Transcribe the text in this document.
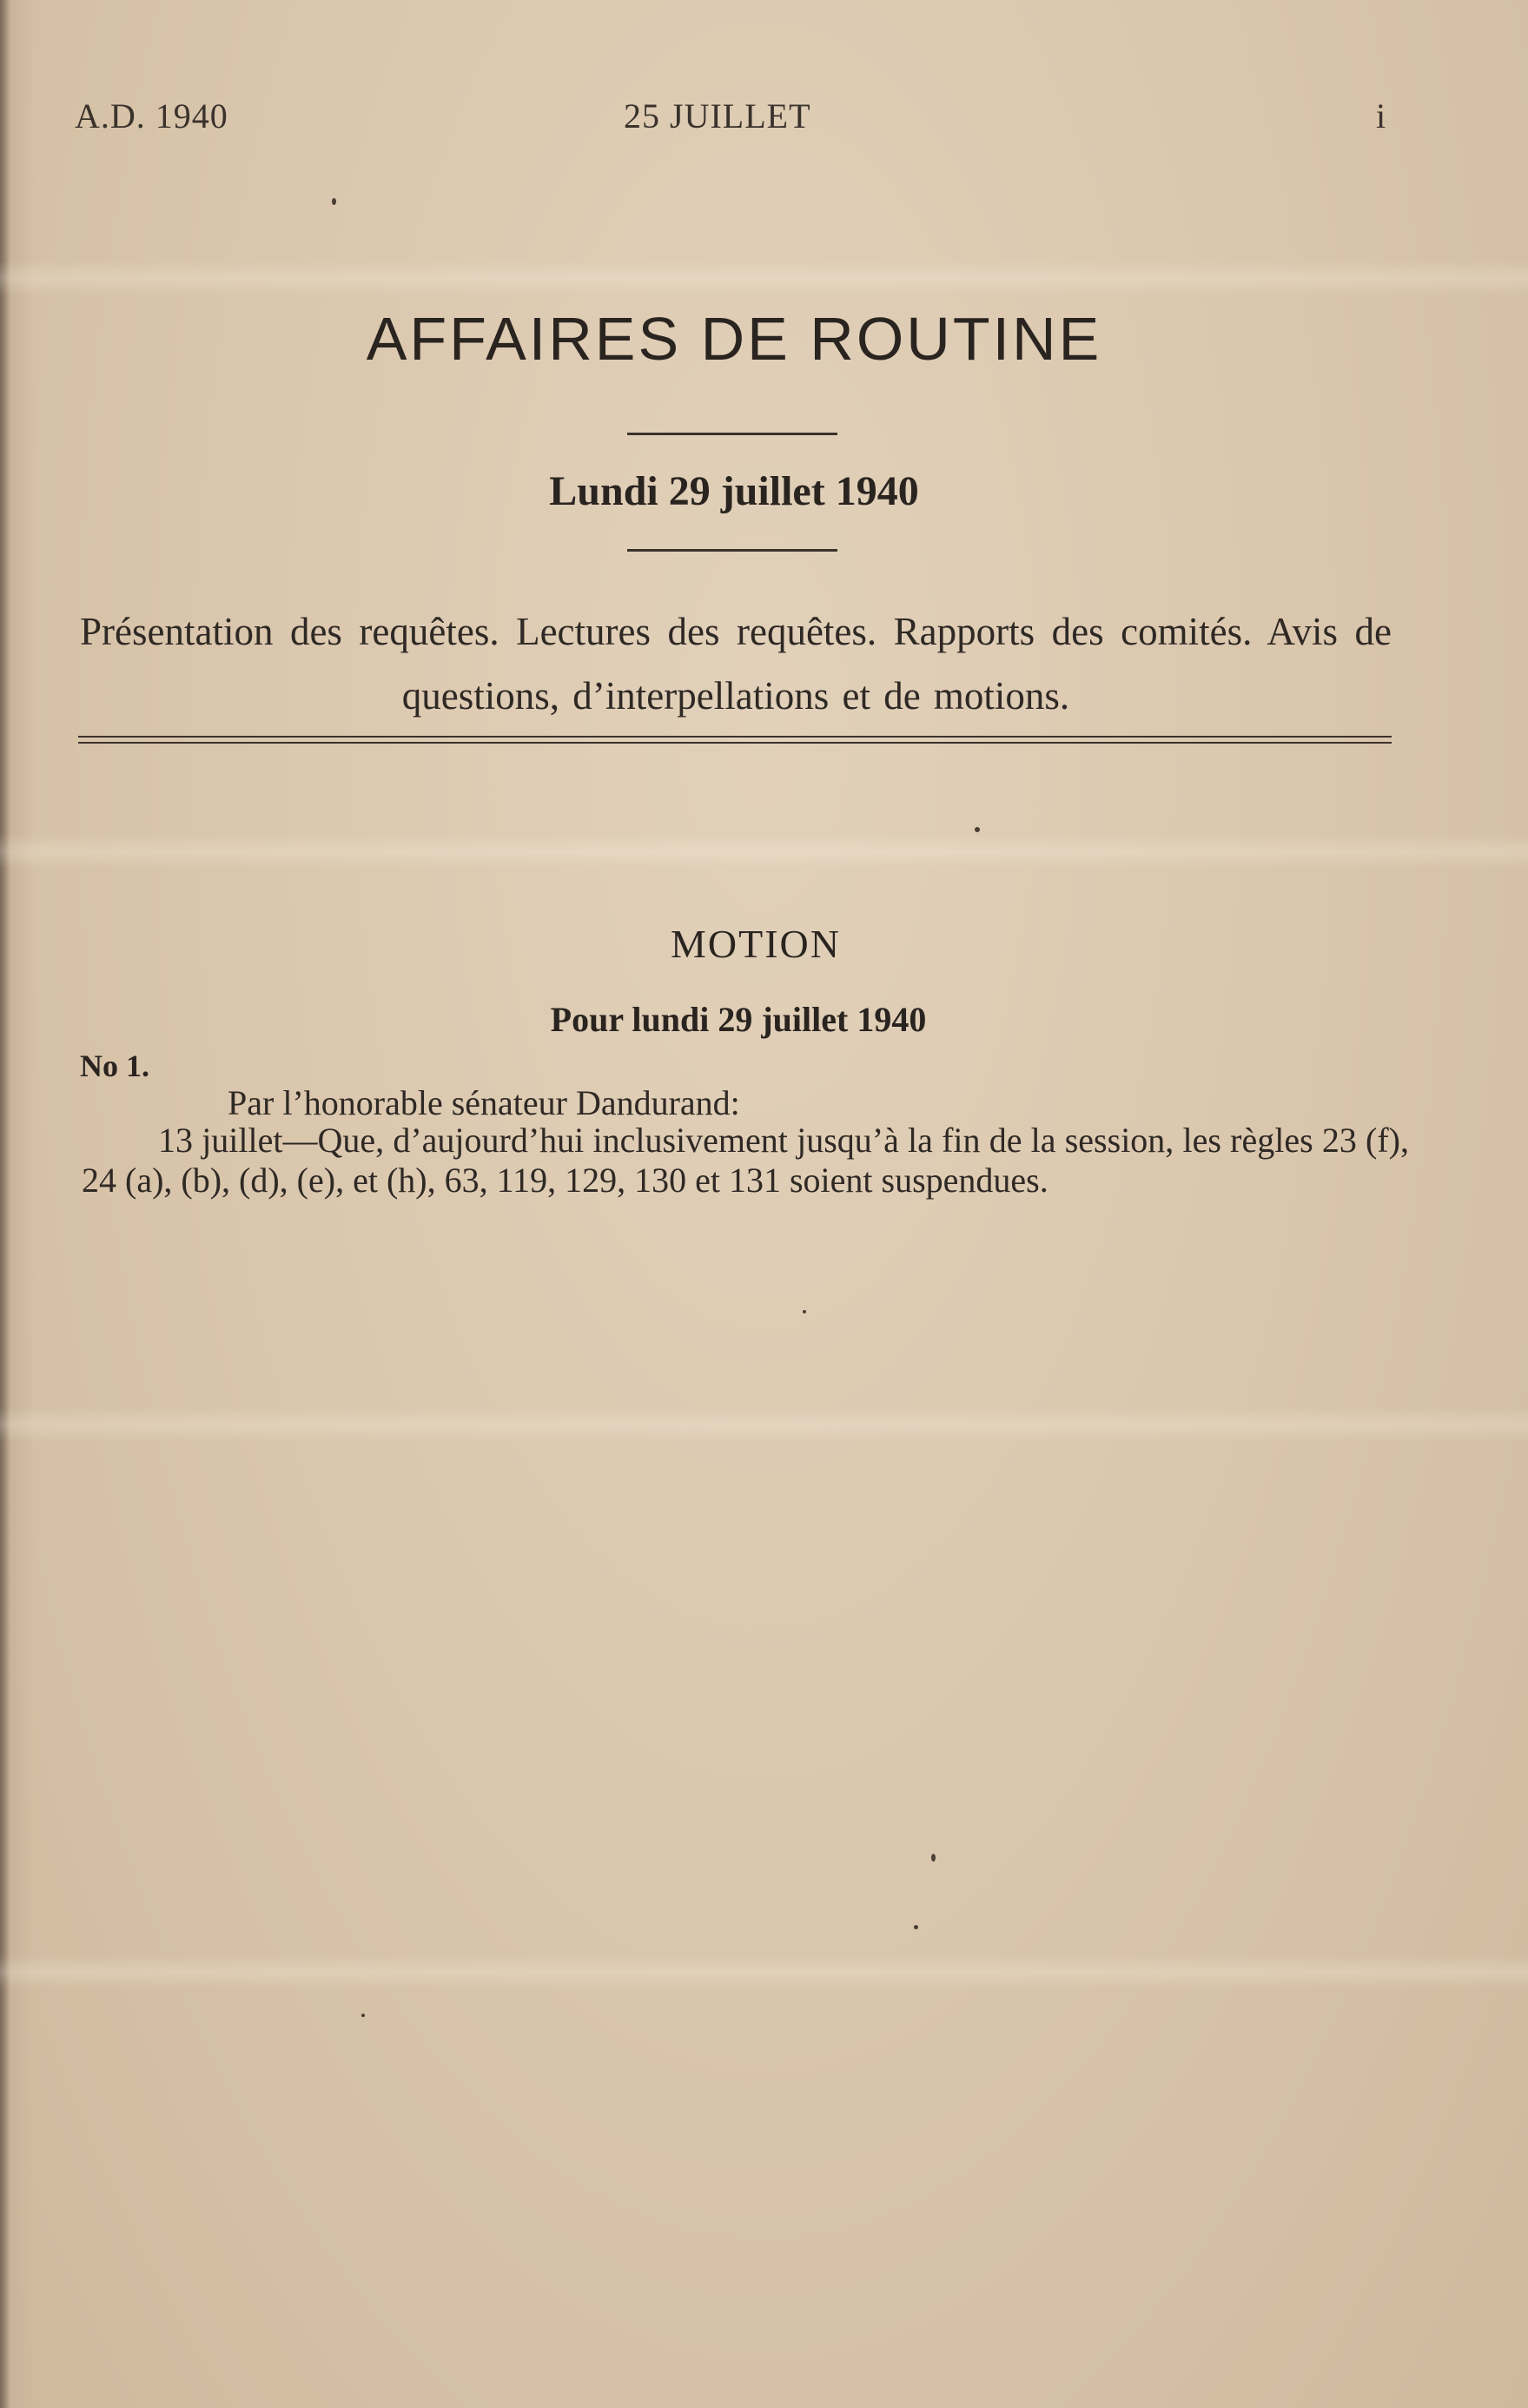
A.D. 1940	25 JUILLET	i
AFFAIRES DE ROUTINE
Lundi 29 juillet 1940
Présentation des requêtes. Lectures des requêtes. Rapports des comités. Avis de questions, d’interpellations et de motions.
MOTION
Pour lundi 29 juillet 1940
No 1.
Par l’honorable sénateur Dandurand:
13 juillet—Que, d’aujourd’hui inclusivement jusqu’à la fin de la session, les règles 23 (f), 24 (a), (b), (d), (e), et (h), 63, 119, 129, 130 et 131 soient suspendues.
